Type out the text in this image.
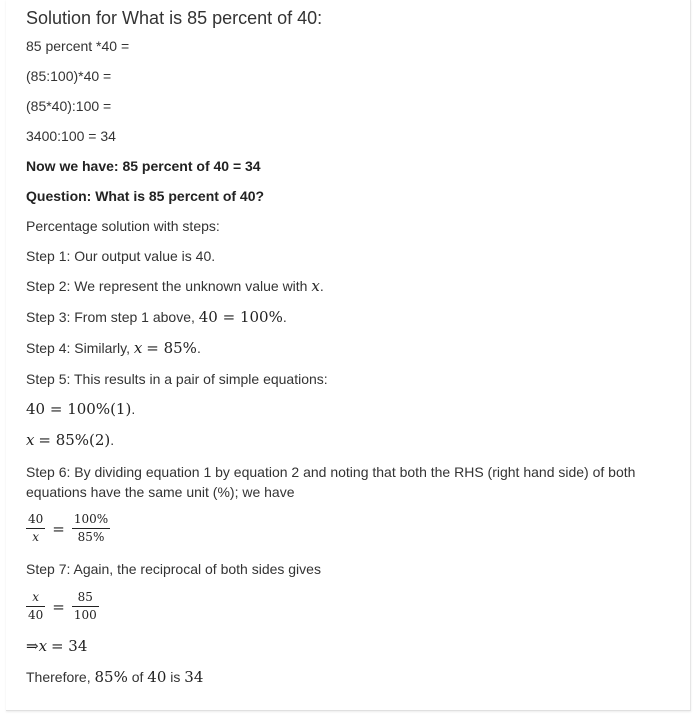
Solution for What is 85 percent of 40:
85 percent *40 =
(85:100)*40 =
(85*40):100 =
3400:100 = 34
Now we have: 85 percent of 40 = 34
Question: What is 85 percent of 40?
Percentage solution with steps:
Step 1: Our output value is 40.
Step 2: We represent the unknown value with x.
Step 3: From step 1 above, 40 = 100%.
Step 4: Similarly, x = 85%.
Step 5: This results in a pair of simple equations:
40 = 100%(1).
x = 85%(2).
Step 6: By dividing equation 1 by equation 2 and noting that both the RHS (right hand side) of both
equations have the same unit (%); we have
$\frac{40}{x} = \frac{100\%}{85\%}$
Step 7: Again, the reciprocal of both sides gives
$\frac{x}{40} = \frac{85}{100}$
⇒x = 34
Therefore, 85% of 40 is 34
